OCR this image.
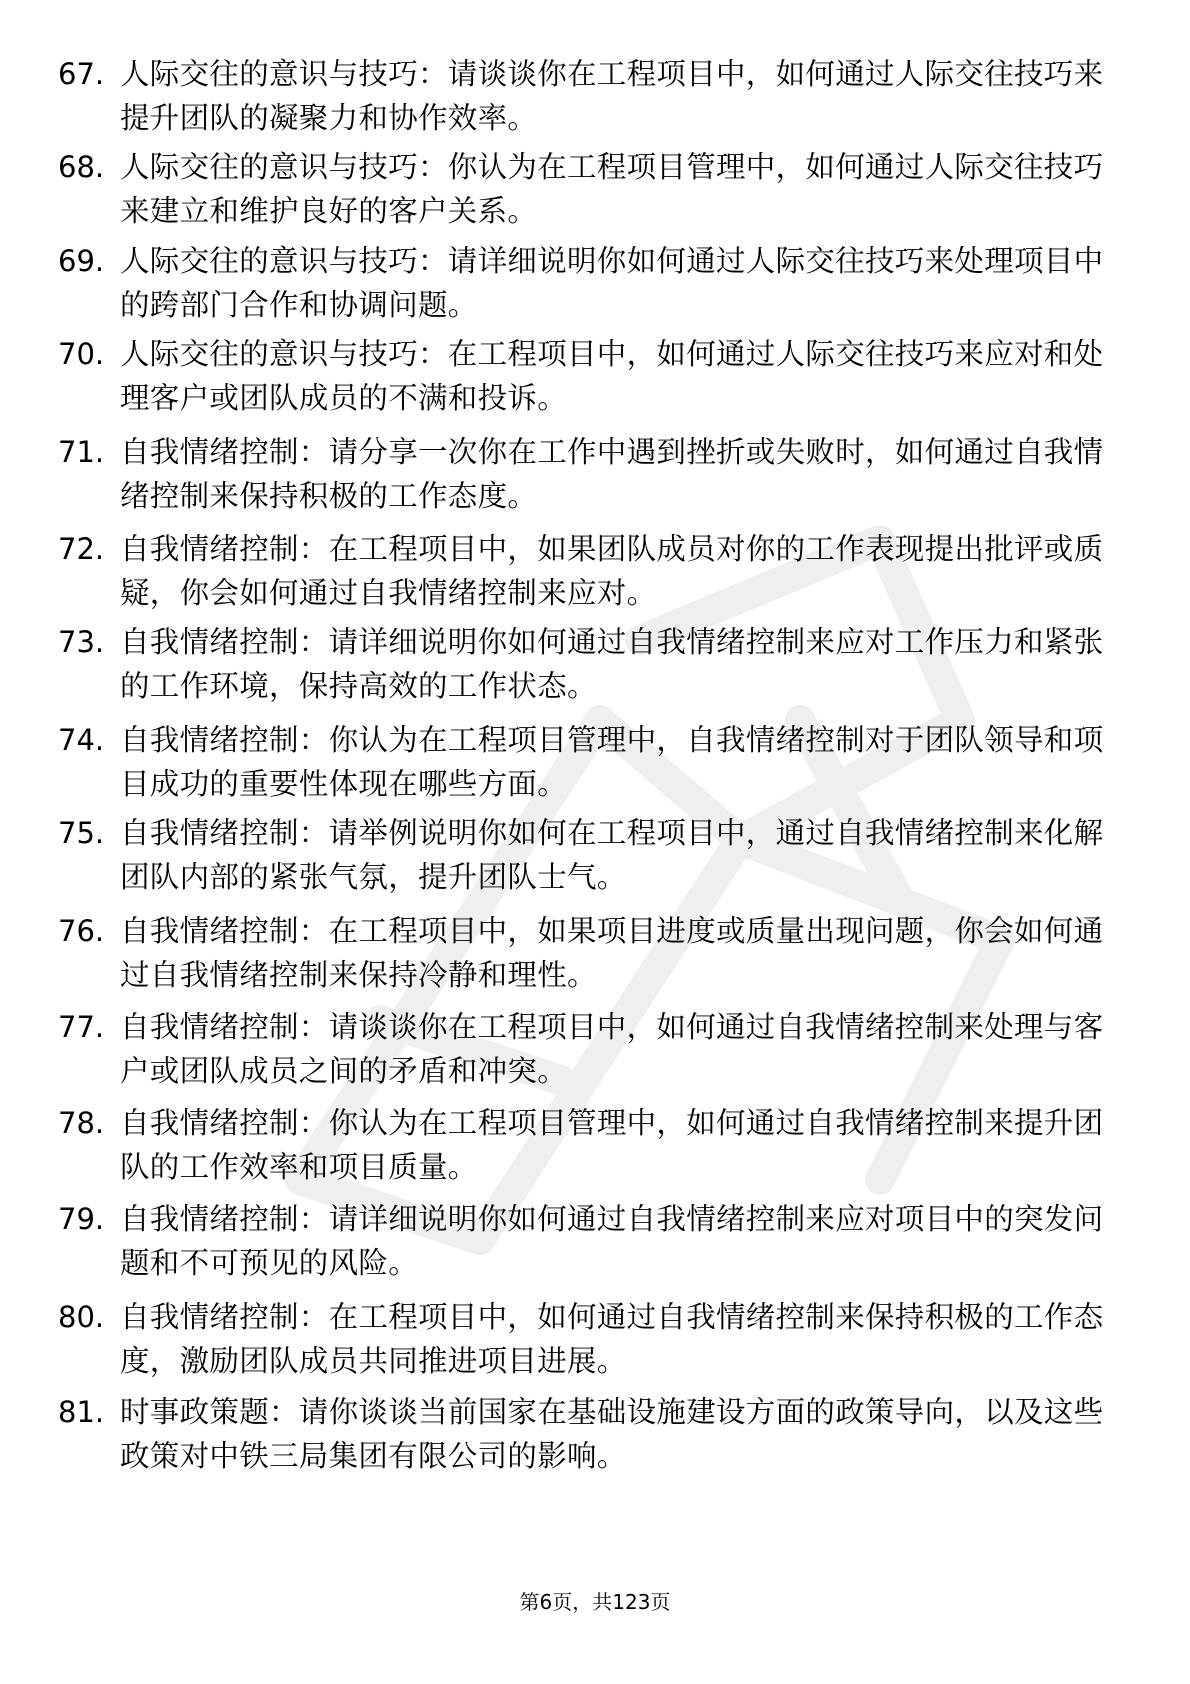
67. 人际交往的意识与技巧：请谈谈你在工程项目中，如何通过人际交往技巧来提升团队的凝聚力和协作效率。
68. 人际交往的意识与技巧：你认为在工程项目管理中，如何通过人际交往技巧来建立和维护良好的客户关系。
69. 人际交往的意识与技巧：请详细说明你如何通过人际交往技巧来处理项目中的跨部门合作和协调问题。
70. 人际交往的意识与技巧：在工程项目中，如何通过人际交往技巧来应对和处理客户或团队成员的不满和投诉。
71. 自我情绪控制：请分享一次你在工作中遇到挫折或失败时，如何通过自我情绪控制来保持积极的工作态度。
72. 自我情绪控制：在工程项目中，如果团队成员对你的工作表现提出批评或质疑，你会如何通过自我情绪控制来应对。
73. 自我情绪控制：请详细说明你如何通过自我情绪控制来应对工作压力和紧张的工作环境，保持高效的工作状态。
74. 自我情绪控制：你认为在工程项目管理中，自我情绪控制对于团队领导和项目成功的重要性体现在哪些方面。
75. 自我情绪控制：请举例说明你如何在工程项目中，通过自我情绪控制来化解团队内部的紧张气氛，提升团队士气。
76. 自我情绪控制：在工程项目中，如果项目进度或质量出现问题，你会如何通过自我情绪控制来保持冷静和理性。
77. 自我情绪控制：请谈谈你在工程项目中，如何通过自我情绪控制来处理与客户或团队成员之间的矛盾和冲突。
78. 自我情绪控制：你认为在工程项目管理中，如何通过自我情绪控制来提升团队的工作效率和项目质量。
79. 自我情绪控制：请详细说明你如何通过自我情绪控制来应对项目中的突发问题和不可预见的风险。
80. 自我情绪控制：在工程项目中，如何通过自我情绪控制来保持积极的工作态度，激励团队成员共同推进项目进展。
81. 时事政策题：请你谈谈当前国家在基础设施建设方面的政策导向，以及这些政策对中铁三局集团有限公司的影响。
第6页，共123页
